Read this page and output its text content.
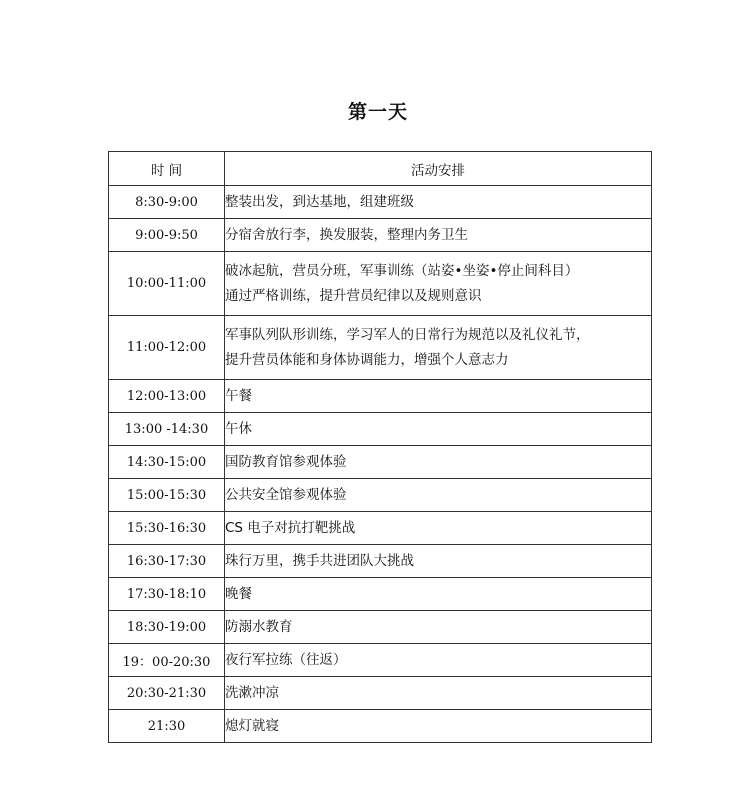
第一天
时 间	活动安排
8:30-9:00	整装出发，到达基地，组建班级

9:00-9:50	分宿舍放行李，换发服装，整理内务卫生

10:00-11:00	破冰起航，营员分班，军事训练（站姿•坐姿•停止间科目）
通过严格训练，提升营员纪律以及规则意识

11:00-12:00	军事队列队形训练，学习军人的日常行为规范以及礼仪礼节，
提升营员体能和身体协调能力，增强个人意志力

12:00-13:00	午餐

13:00 -14:30	午休

14:30-15:00	国防教育馆参观体验

15:00-15:30	公共安全馆参观体验

15:30-16:30	CS 电子对抗打靶挑战

16:30-17:30	珠行万里，携手共进团队大挑战

17:30-18:10	晚餐

18:30-19:00	防溺水教育

19：00-20:30	夜行军拉练（往返）

20:30-21:30	洗漱冲凉

21:30	熄灯就寝
